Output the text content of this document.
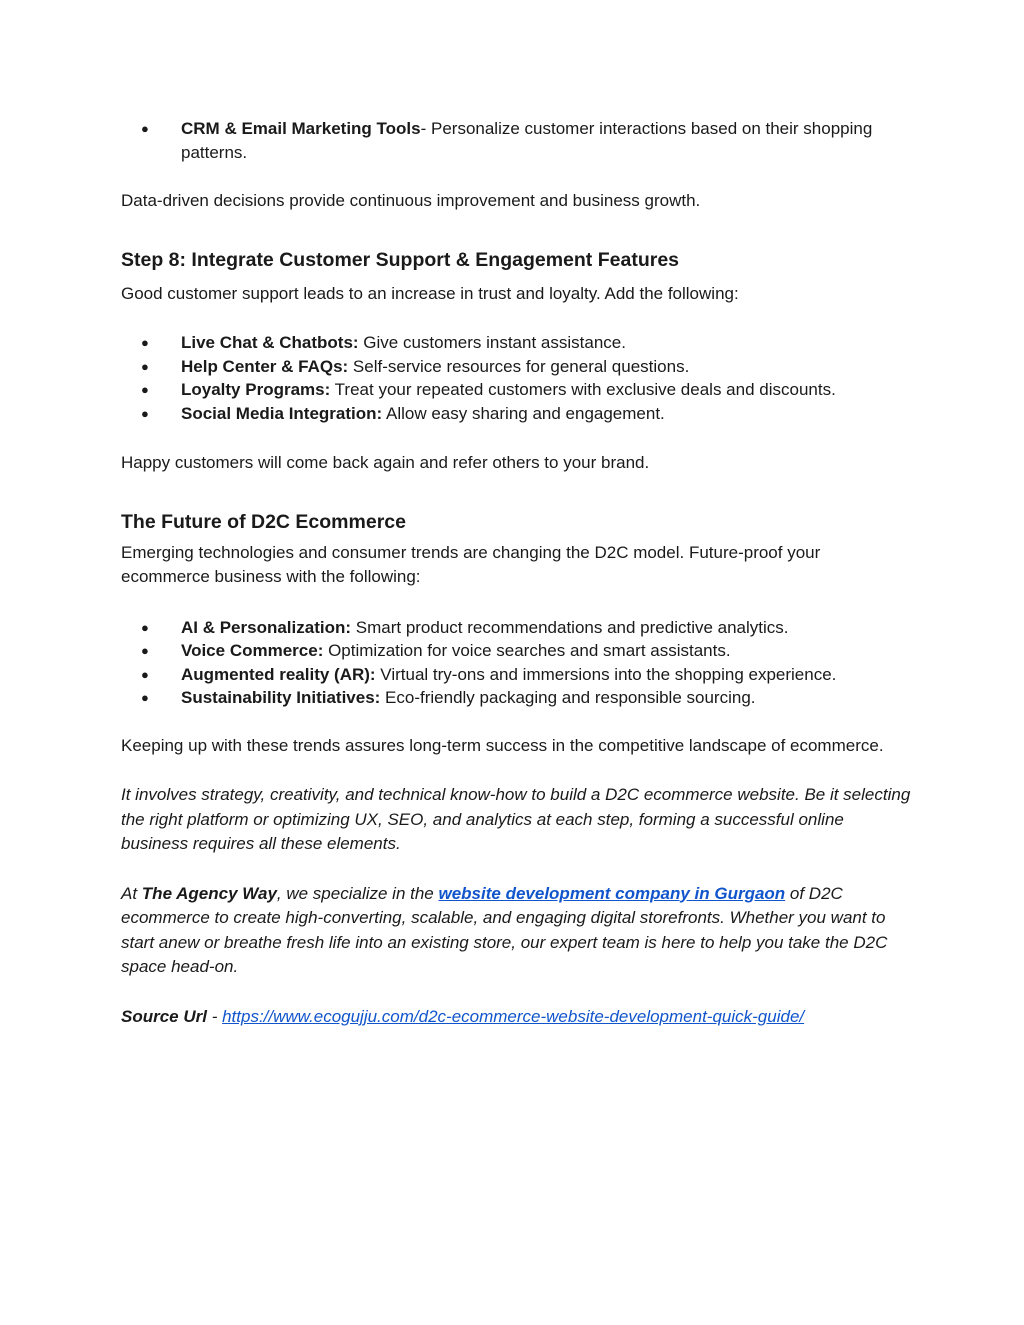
● CRM & Email Marketing Tools- Personalize customer interactions based on their shopping patterns.

Data-driven decisions provide continuous improvement and business growth.

Step 8: Integrate Customer Support & Engagement Features

Good customer support leads to an increase in trust and loyalty. Add the following:

● Live Chat & Chatbots: Give customers instant assistance.
● Help Center & FAQs: Self-service resources for general questions.
● Loyalty Programs: Treat your repeated customers with exclusive deals and discounts.
● Social Media Integration: Allow easy sharing and engagement.

Happy customers will come back again and refer others to your brand.

The Future of D2C Ecommerce

Emerging technologies and consumer trends are changing the D2C model. Future-proof your ecommerce business with the following:

● AI & Personalization: Smart product recommendations and predictive analytics.
● Voice Commerce: Optimization for voice searches and smart assistants.
● Augmented reality (AR): Virtual try-ons and immersions into the shopping experience.
● Sustainability Initiatives: Eco-friendly packaging and responsible sourcing.

Keeping up with these trends assures long-term success in the competitive landscape of ecommerce.

It involves strategy, creativity, and technical know-how to build a D2C ecommerce website. Be it selecting the right platform or optimizing UX, SEO, and analytics at each step, forming a successful online business requires all these elements.

At The Agency Way, we specialize in the website development company in Gurgaon of D2C ecommerce to create high-converting, scalable, and engaging digital storefronts. Whether you want to start anew or breathe fresh life into an existing store, our expert team is here to help you take the D2C space head-on.

Source Url - https://www.ecogujju.com/d2c-ecommerce-website-development-quick-guide/
